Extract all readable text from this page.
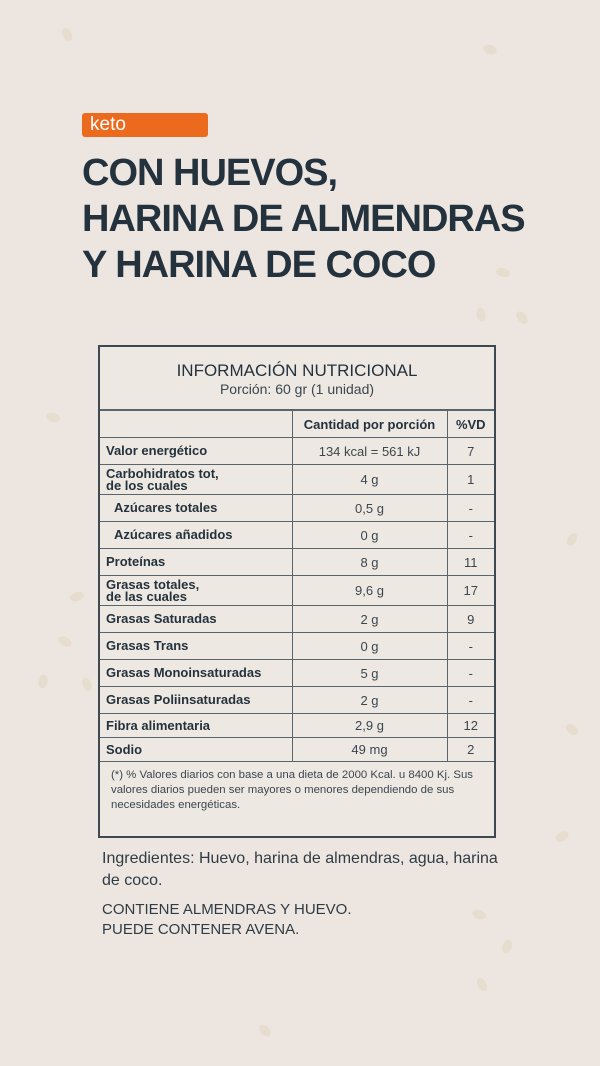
keto
CON HUEVOS,
HARINA DE ALMENDRAS
Y HARINA DE COCO
INFORMACIÓN NUTRICIONAL
Porción: 60 gr (1 unidad)
	Cantidad por porción	%VD
Valor energético	134 kcal = 561 kJ	7
Carbohidratos tot,
de los cuales	4 g	1
Azúcares totales	0,5 g	-
Azúcares añadidos	0 g	-
Proteínas	8 g	11
Grasas totales,
de las cuales	9,6 g	17
Grasas Saturadas	2 g	9
Grasas Trans	0 g	-
Grasas Monoinsaturadas	5 g	-
Grasas Poliinsaturadas	2 g	-
Fibra alimentaria	2,9 g	12
Sodio	49 mg	2
(*) % Valores diarios con base a una dieta de 2000 Kcal. u 8400 Kj. Sus valores diarios pueden ser mayores o menores dependiendo de sus necesidades energéticas.

Ingredientes: Huevo, harina de almendras, agua, harina de coco.

CONTIENE ALMENDRAS Y HUEVO.
PUEDE CONTENER AVENA.
